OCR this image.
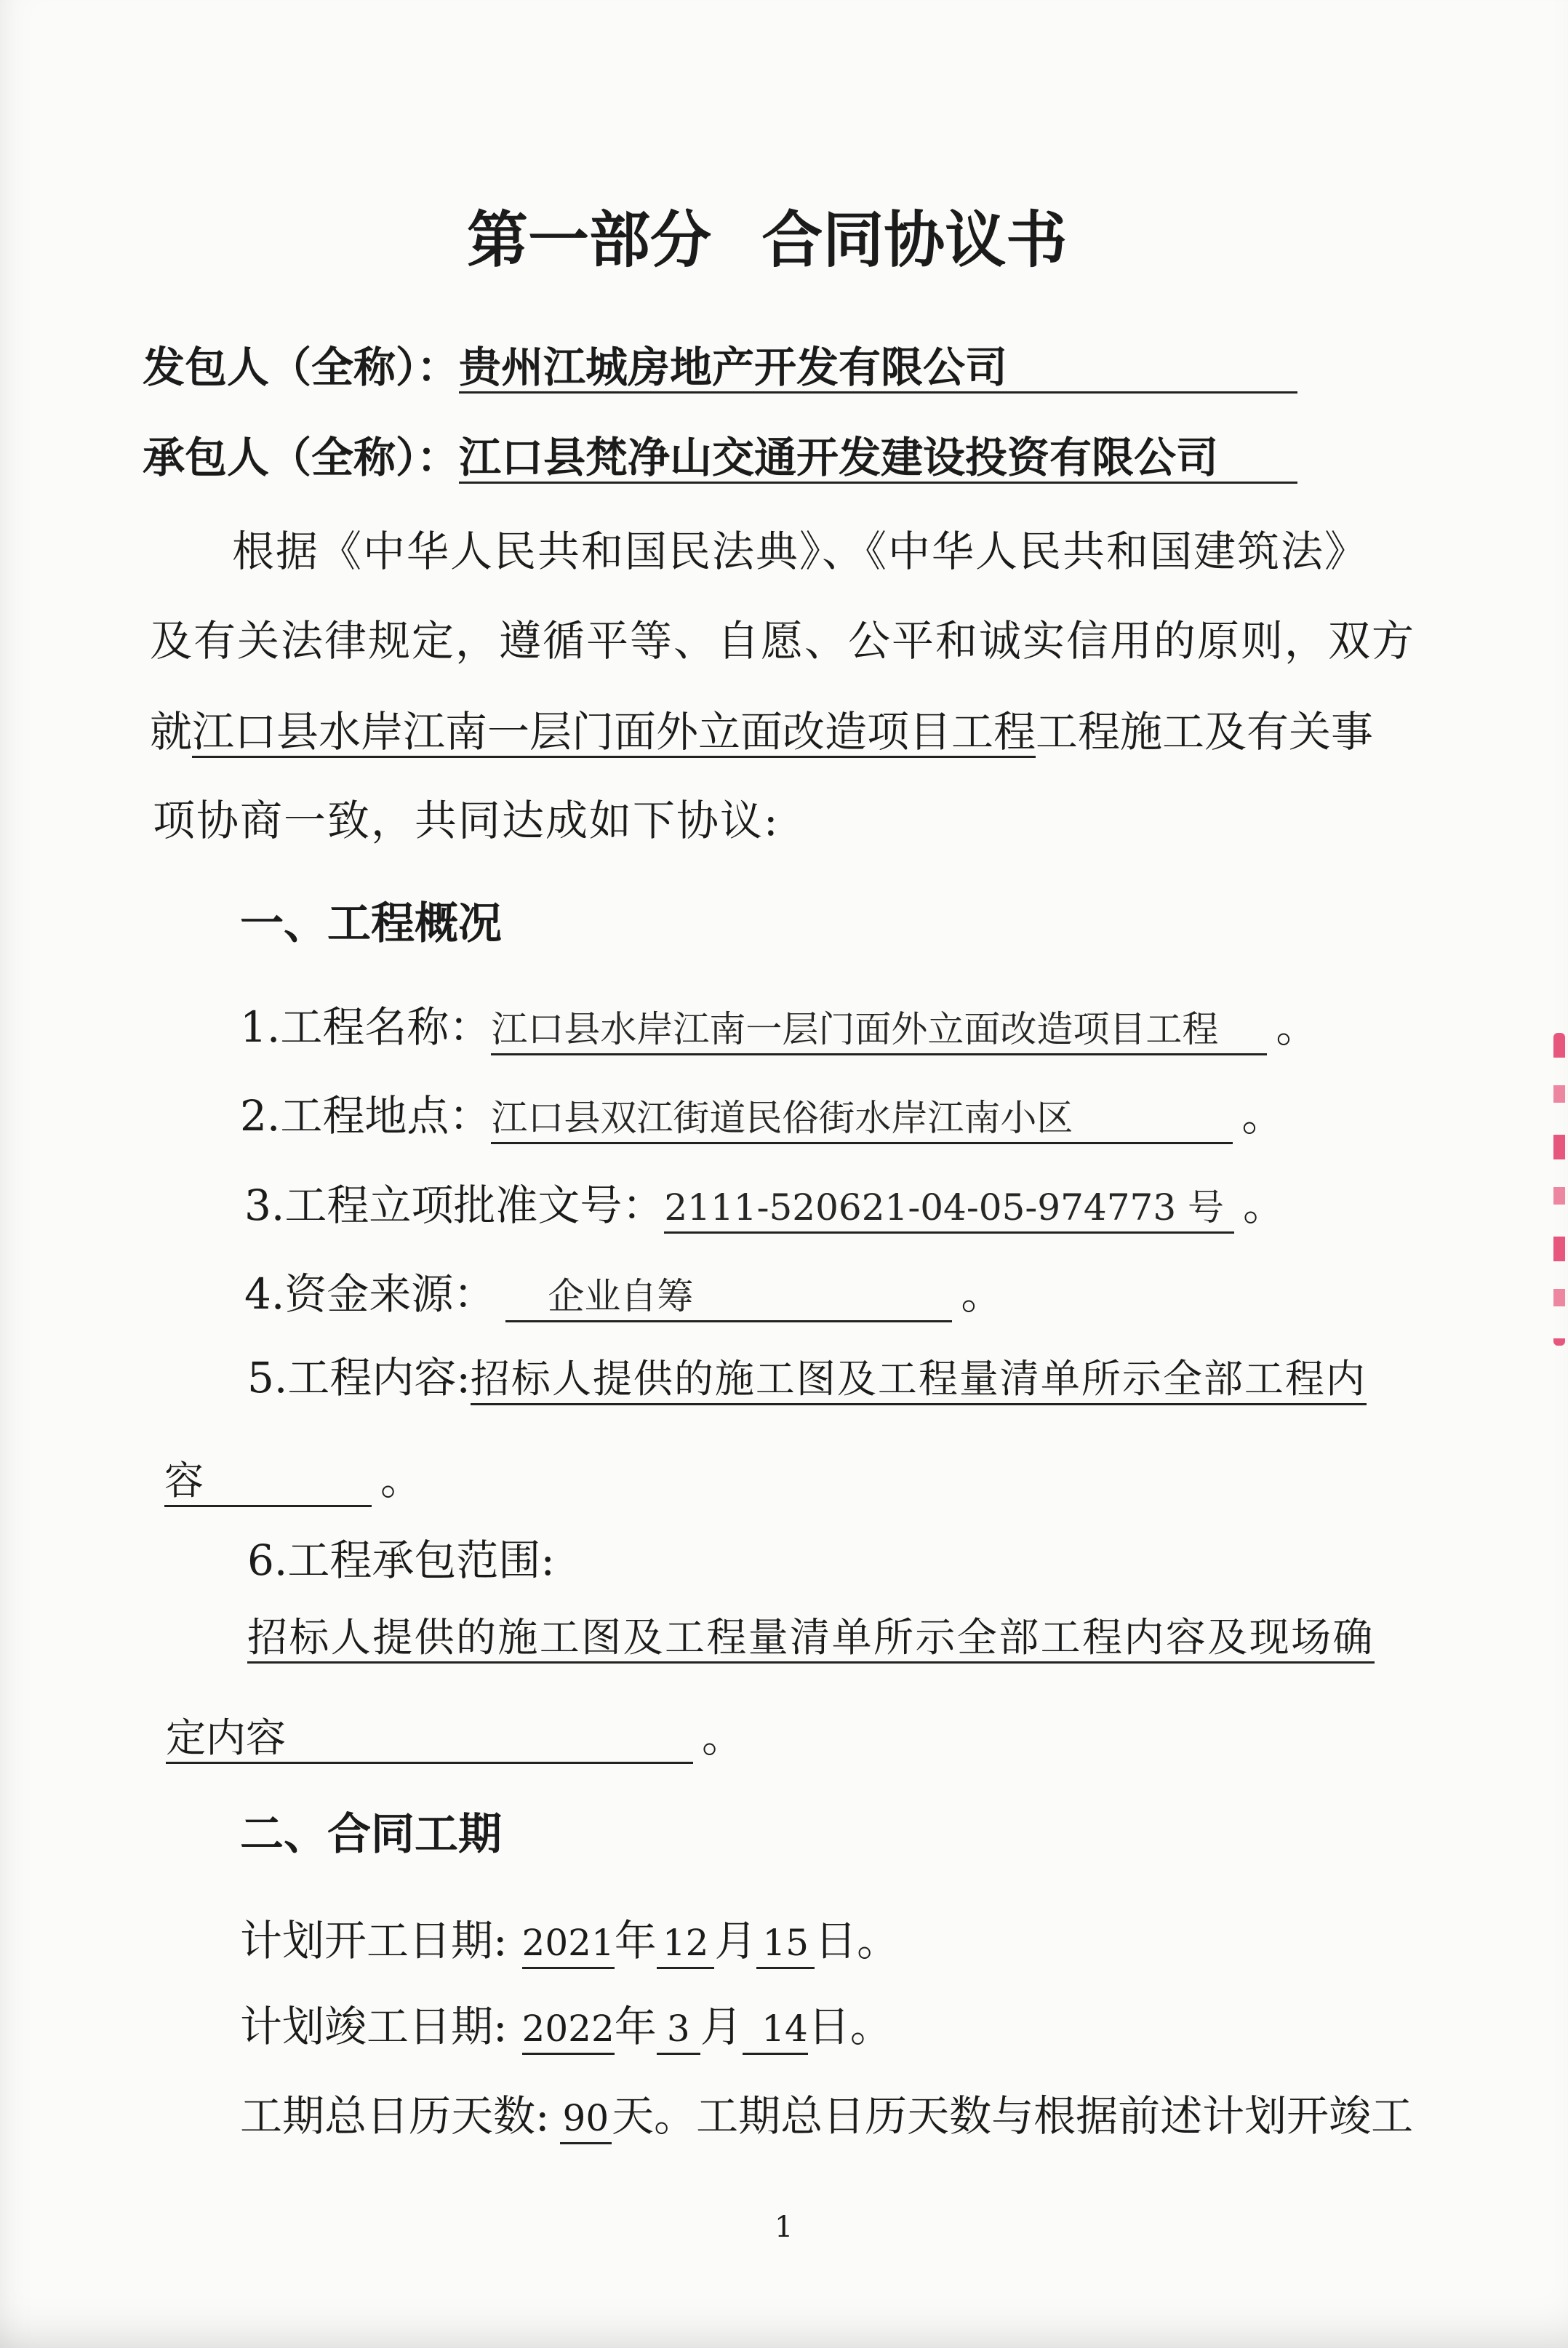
第一部分 合同协议书
发包人（全称）： 贵州江城房地产开发有限公司
承包人（全称）： 江口县梵净山交通开发建设投资有限公司
根据《中华人民共和国民法典》、《中华人民共和国建筑法》
及有关法律规定，遵循平等、自愿、公平和诚实信用的原则，双方
就 江口县水岸江南一层门面外立面改造项目工程 工程施工及有关事
项协商一致，共同达成如下协议:
一、工程概况
1.工程名称： 江口县水岸江南一层门面外立面改造项目工程	。
2.工程地点： 江口县双江街道民俗街水岸江南小区	。
3.工程立项批准文号： 2111-520621-04-05-974773 号 。
4.资金来源：	企业自筹	。
5.工程内容: 招标人提供的施工图及工程量清单所示全部工程内
容	。
6.工程承包范围:
招标人提供的施工图及工程量清单所示全部工程内容及现场确
定内容	。
二、合同工期
计划开工日期: 2021 年 12 月 15 日。
计划竣工日期: 2022 年 3 月 14 日。
工期总日历天数: 90 天。工期总日历天数与根据前述计划开竣工
1
